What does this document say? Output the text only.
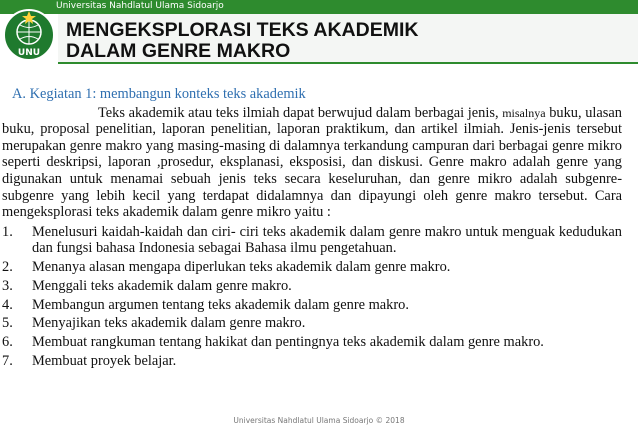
Universitas Nahdlatul Ulama Sidoarjo
UNU
MENGEKSPLORASI TEKS AKADEMIK
DALAM GENRE MAKRO
A. Kegiatan 1: membangun konteks teks akademik

Teks akademik atau teks ilmiah dapat berwujud dalam berbagai jenis, misalnya buku, ulasan buku, proposal penelitian, laporan penelitian, laporan praktikum, dan artikel ilmiah. Jenis-jenis tersebut merupakan genre makro yang masing-masing di dalamnya terkandung campuran dari berbagai genre mikro seperti deskripsi, laporan ,prosedur, eksplanasi, eksposisi, dan diskusi. Genre makro adalah genre yang digunakan untuk menamai sebuah jenis teks secara keseluruhan, dan genre mikro adalah subgenre-subgenre yang lebih kecil yang terdapat didalamnya dan dipayungi oleh genre makro tersebut. Cara mengeksplorasi teks akademik dalam genre mikro yaitu :

1.	Menelusuri kaidah-kaidah dan ciri- ciri teks akademik dalam genre makro untuk menguak kedudukan dan fungsi bahasa Indonesia sebagai Bahasa ilmu pengetahuan.
2.	Menanya alasan mengapa diperlukan teks akademik dalam genre makro.
3.	Menggali teks akademik dalam genre makro.
4.	Membangun argumen tentang teks akademik dalam genre makro.
5.	Menyajikan teks akademik dalam genre makro.
6.	Membuat rangkuman tentang hakikat dan pentingnya teks akademik dalam genre makro.
7.	Membuat proyek belajar.
Universitas Nahdlatul Ulama Sidoarjo © 2018
